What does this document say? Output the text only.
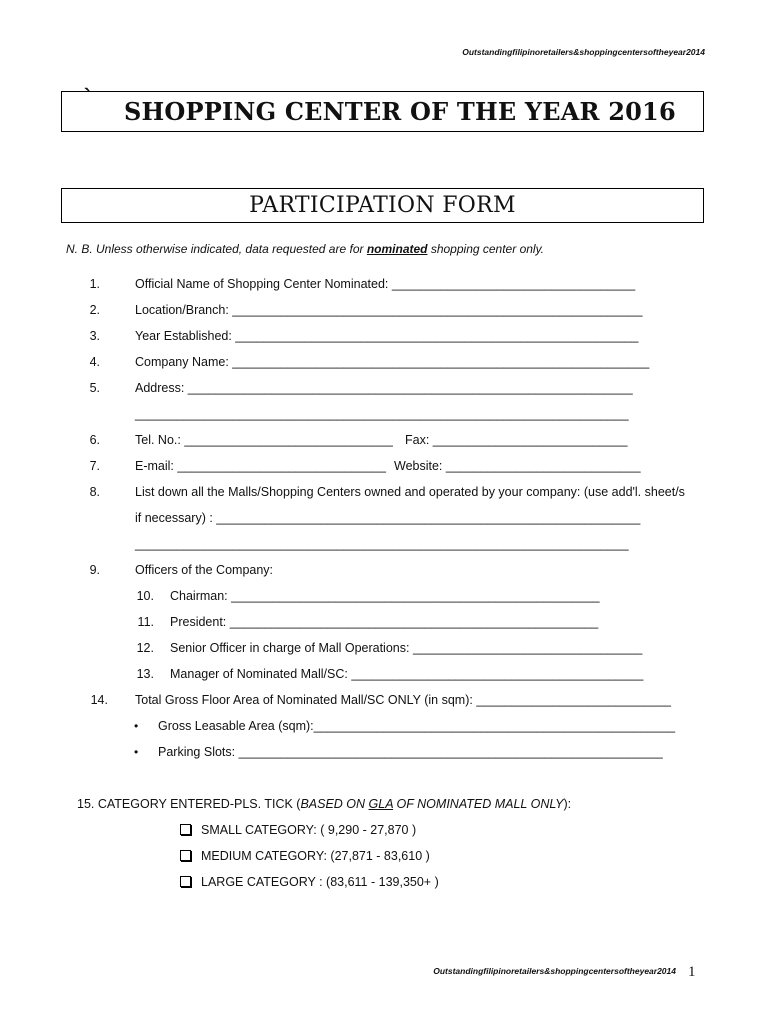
Outstandingfilipinoretailers&shoppingcentersoftheyear2014
` SHOPPING CENTER OF THE YEAR 2016
PARTICIPATION FORM
N. B. Unless otherwise indicated, data requested are for nominated shopping center only.
1.	Official Name of Shopping Center Nominated: ___________________________________
2.	Location/Branch: ___________________________________________________________
3.	Year Established: __________________________________________________________
4.	Company Name: ____________________________________________________________
5.	Address: ________________________________________________________________
_______________________________________________________________________
6.	Tel. No.: ______________________________ Fax: ____________________________
7.	E-mail: ______________________________ Website: ____________________________
8.	List down all the Malls/Shopping Centers owned and operated by your company: (use add'l. sheet/s
if necessary) : _____________________________________________________________
_______________________________________________________________________
9.	Officers of the Company:
10. Chairman: _____________________________________________________
11. President: _____________________________________________________
12. Senior Officer in charge of Mall Operations: _________________________________
13. Manager of Nominated Mall/SC: __________________________________________
14. Total Gross Floor Area of Nominated Mall/SC ONLY (in sqm): ____________________________
• Gross Leasable Area (sqm):____________________________________________________
• Parking Slots: _____________________________________________________________
15. CATEGORY ENTERED-PLS. TICK (BASED ON GLA OF NOMINATED MALL ONLY):
SMALL CATEGORY: ( 9,290 - 27,870 )
MEDIUM CATEGORY: (27,871 - 83,610 )
LARGE CATEGORY : (83,611 - 139,350+ )
Outstandingfilipinoretailers&shoppingcentersoftheyear2014 1
